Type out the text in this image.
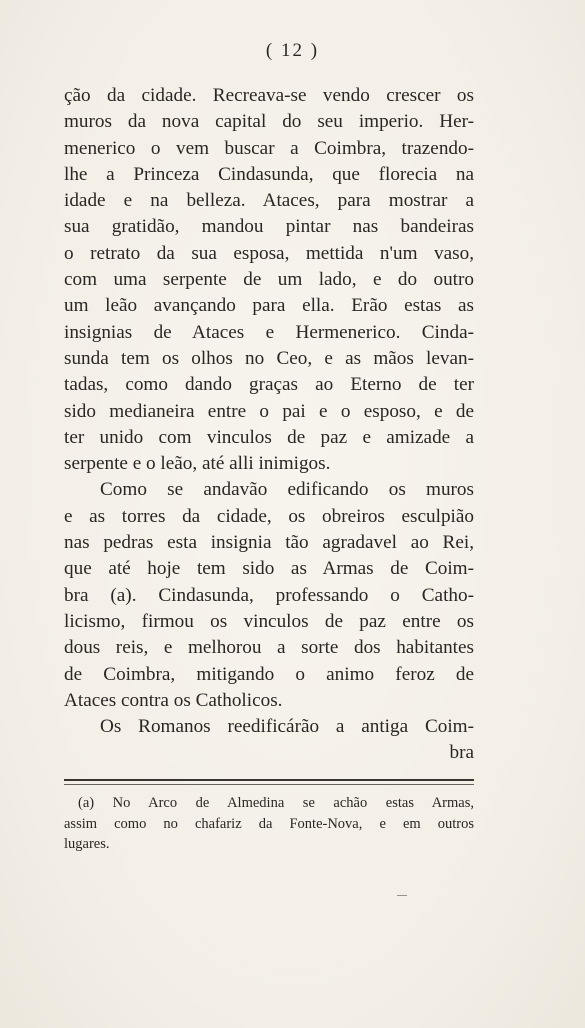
( 12 )
ção da cidade. Recreava-se vendo crescer os
muros da nova capital do seu imperio. Her-
menerico o vem buscar a Coimbra, trazendo-
lhe a Princeza Cindasunda, que florecia na
idade e na belleza. Ataces, para mostrar a
sua gratidão, mandou pintar nas bandeiras
o retrato da sua esposa, mettida n'um vaso,
com uma serpente de um lado, e do outro
um leão avançando para ella. Erão estas as
insignias de Ataces e Hermenerico. Cinda-
sunda tem os olhos no Ceo, e as mãos levan-
tadas, como dando graças ao Eterno de ter
sido medianeira entre o pai e o esposo, e de
ter unido com vinculos de paz e amizade a
serpente e o leão, até alli inimigos.
Como se andavão edificando os muros
e as torres da cidade, os obreiros esculpião
nas pedras esta insignia tão agradavel ao Rei,
que até hoje tem sido as Armas de Coim-
bra (a). Cindasunda, professando o Catho-
licismo, firmou os vinculos de paz entre os
dous reis, e melhorou a sorte dos habitantes
de Coimbra, mitigando o animo feroz de
Ataces contra os Catholicos.
Os Romanos reedificárão a antiga Coim-
bra
(a) No Arco de Almedina se achão estas Armas,
assim como no chafariz da Fonte-Nova, e em outros
lugares.
